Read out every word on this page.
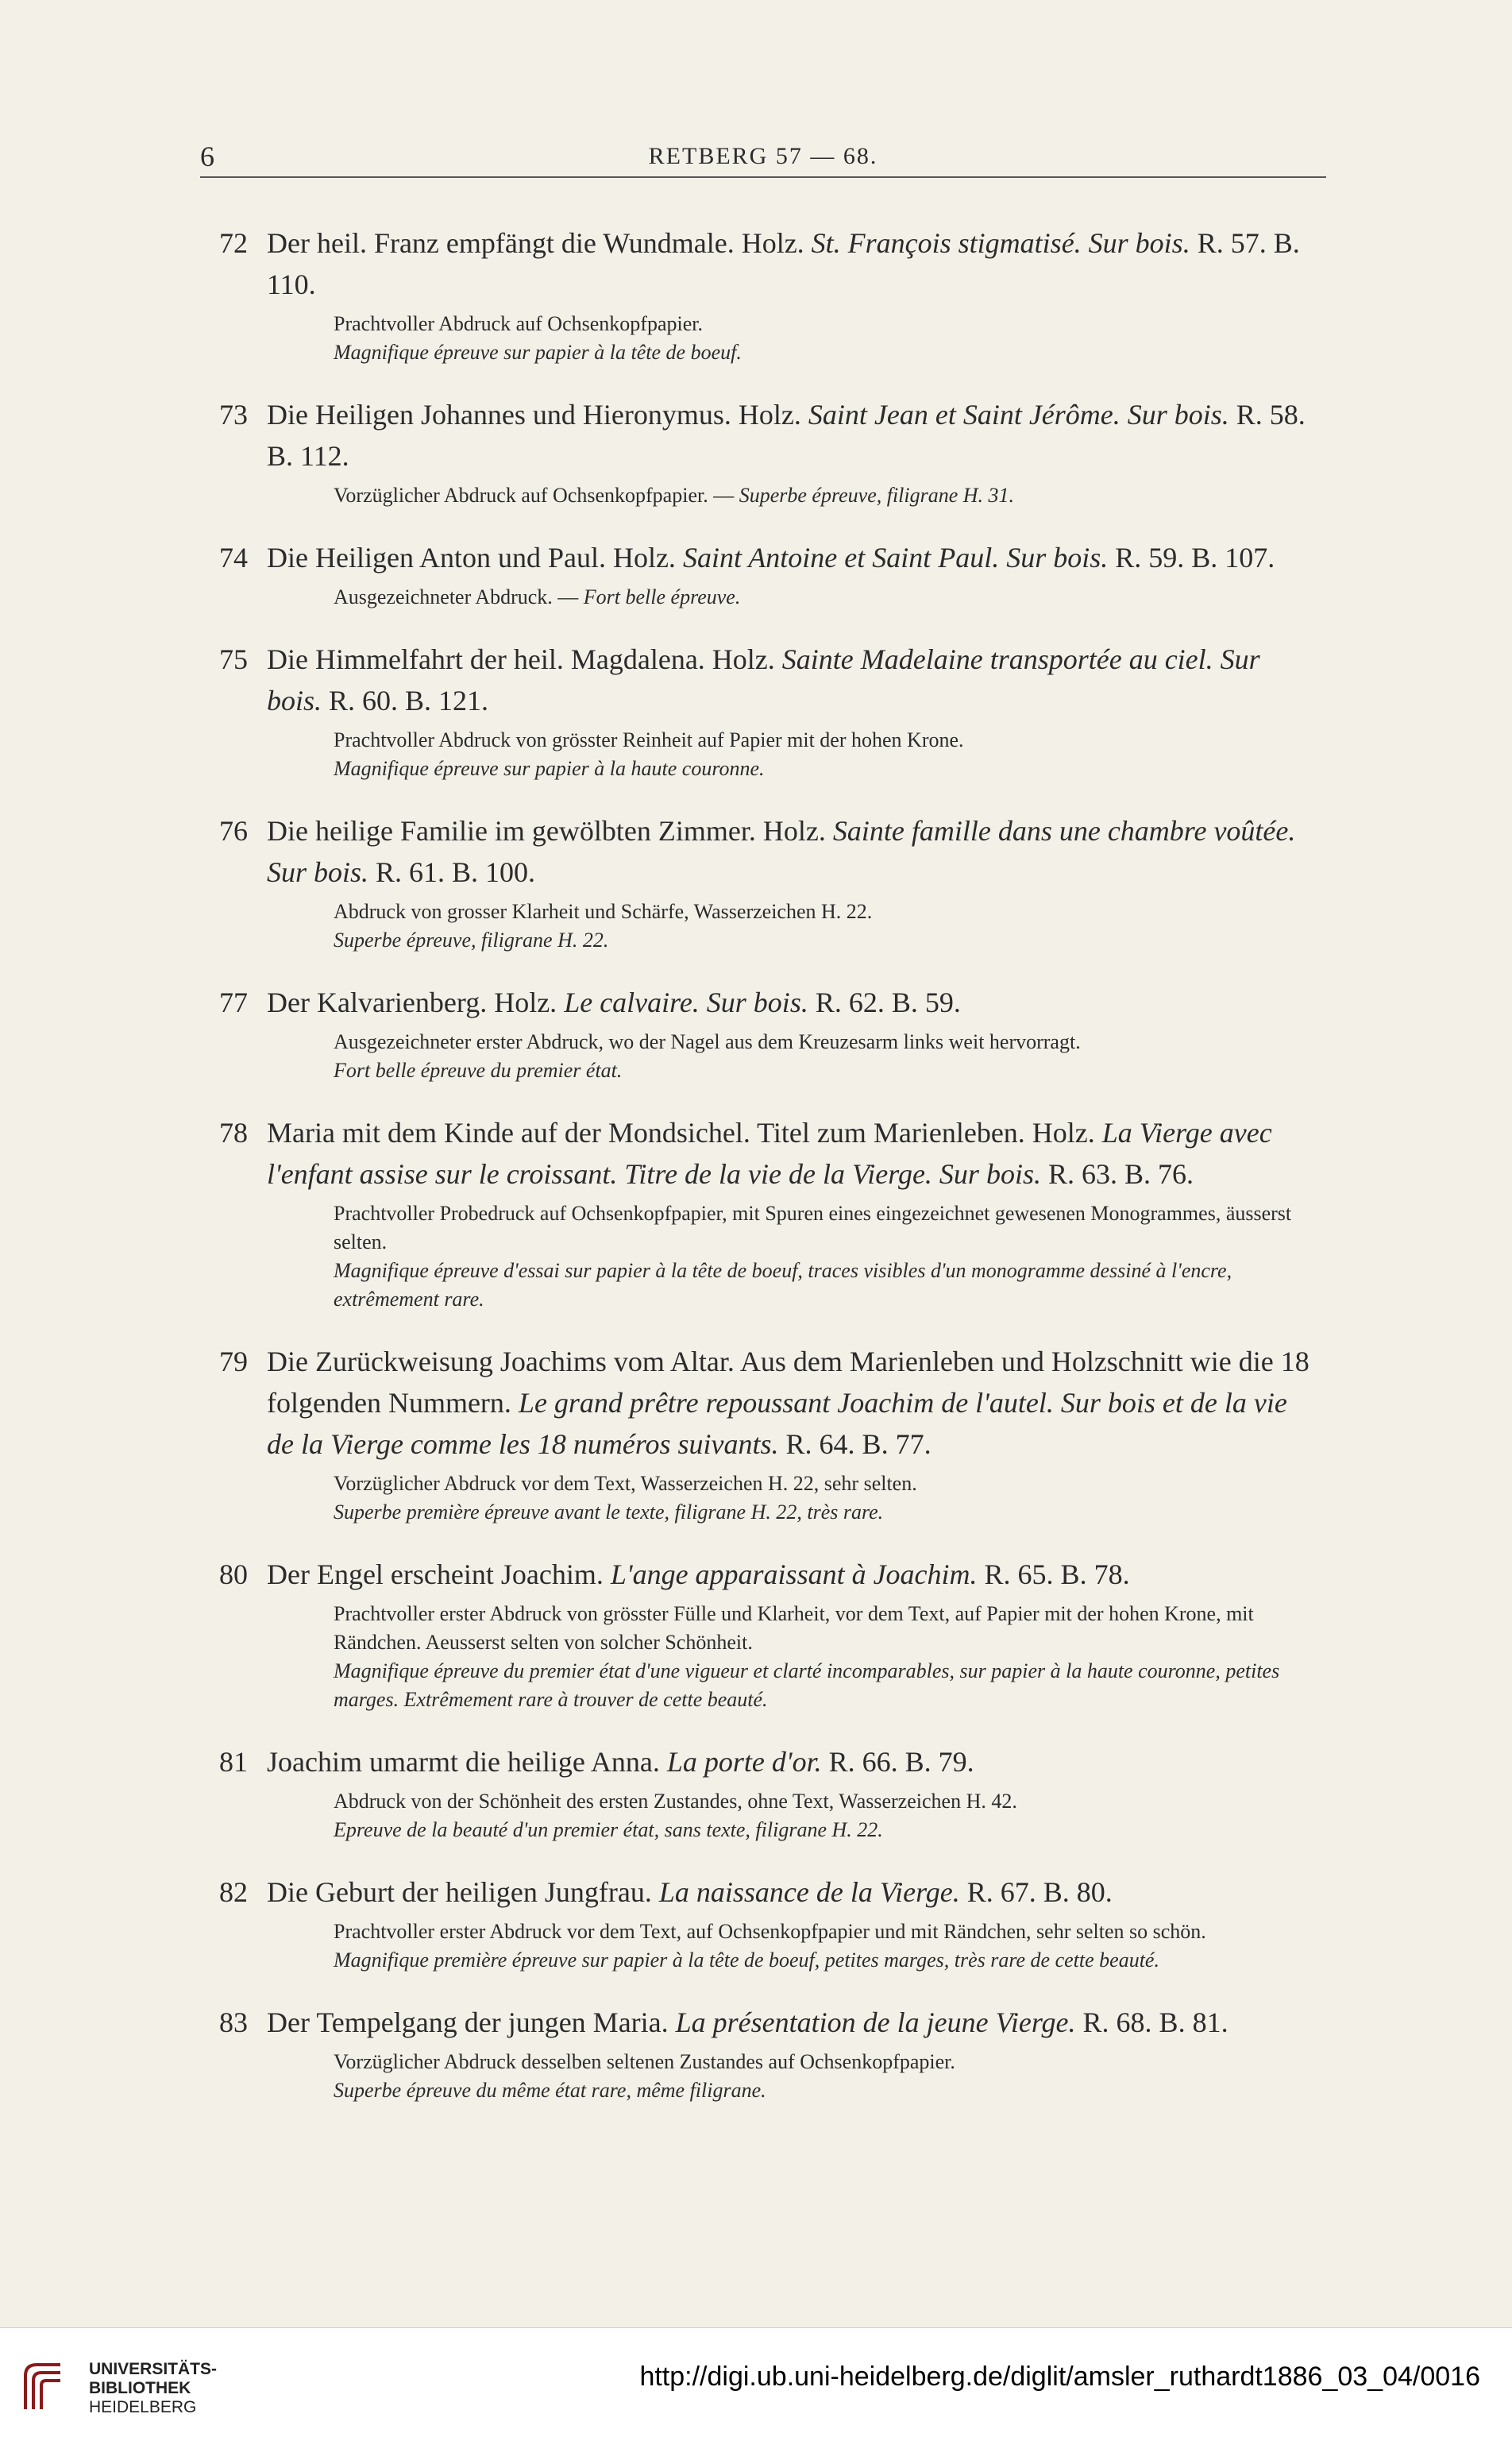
6	RETBERG 57 — 68.
72 Der heil. Franz empfängt die Wundmale. Holz. St. François stigmatisé. Sur bois. R. 57. B. 110.
Prachtvoller Abdruck auf Ochsenkopfpapier.
Magnifique épreuve sur papier à la tête de boeuf.
73 Die Heiligen Johannes und Hieronymus. Holz. Saint Jean et Saint Jérôme. Sur bois. R. 58. B. 112.
Vorzüglicher Abdruck auf Ochsenkopfpapier. — Superbe épreuve, filigrane H. 31.
74 Die Heiligen Anton und Paul. Holz. Saint Antoine et Saint Paul. Sur bois. R. 59. B. 107.
Ausgezeichneter Abdruck. — Fort belle épreuve.
75 Die Himmelfahrt der heil. Magdalena. Holz. Sainte Madelaine transportée au ciel. Sur bois. R. 60. B. 121.
Prachtvoller Abdruck von grösster Reinheit auf Papier mit der hohen Krone.
Magnifique épreuve sur papier à la haute couronne.
76 Die heilige Familie im gewölbten Zimmer. Holz. Sainte famille dans une chambre voûtée. Sur bois. R. 61. B. 100.
Abdruck von grosser Klarheit und Schärfe, Wasserzeichen H. 22.
Superbe épreuve, filigrane H. 22.
77 Der Kalvarienberg. Holz. Le calvaire. Sur bois. R. 62. B. 59.
Ausgezeichneter erster Abdruck, wo der Nagel aus dem Kreuzesarm links weit hervorragt.
Fort belle épreuve du premier état.
78 Maria mit dem Kinde auf der Mondsichel. Titel zum Marienleben. Holz. La Vierge avec l'enfant assise sur le croissant. Titre de la vie de la Vierge. Sur bois. R. 63. B. 76.
Prachtvoller Probedruck auf Ochsenkopfpapier, mit Spuren eines eingezeichnet gewesenen Monogrammes, äusserst selten.
Magnifique épreuve d'essai sur papier à la tête de boeuf, traces visibles d'un monogramme dessiné à l'encre, extrêmement rare.
79 Die Zurückweisung Joachims vom Altar. Aus dem Marienleben und Holzschnitt wie die 18 folgenden Nummern. Le grand prêtre repoussant Joachim de l'autel. Sur bois et de la vie de la Vierge comme les 18 numéros suivants. R. 64. B. 77.
Vorzüglicher Abdruck vor dem Text, Wasserzeichen H. 22, sehr selten.
Superbe première épreuve avant le texte, filigrane H. 22, très rare.
80 Der Engel erscheint Joachim. L'ange apparaissant à Joachim. R. 65. B. 78.
Prachtvoller erster Abdruck von grösster Fülle und Klarheit, vor dem Text, auf Papier mit der hohen Krone, mit Rändchen. Aeusserst selten von solcher Schönheit.
Magnifique épreuve du premier état d'une vigueur et clarté incomparables, sur papier à la haute couronne, petites marges. Extrêmement rare à trouver de cette beauté.
81 Joachim umarmt die heilige Anna. La porte d'or. R. 66. B. 79.
Abdruck von der Schönheit des ersten Zustandes, ohne Text, Wasserzeichen H. 42.
Epreuve de la beauté d'un premier état, sans texte, filigrane H. 22.
82 Die Geburt der heiligen Jungfrau. La naissance de la Vierge. R. 67. B. 80.
Prachtvoller erster Abdruck vor dem Text, auf Ochsenkopfpapier und mit Rändchen, sehr selten so schön.
Magnifique première épreuve sur papier à la tête de boeuf, petites marges, très rare de cette beauté.
83 Der Tempelgang der jungen Maria. La présentation de la jeune Vierge. R. 68. B. 81.
Vorzüglicher Abdruck desselben seltenen Zustandes auf Ochsenkopfpapier.
Superbe épreuve du même état rare, même filigrane.
UNIVERSITÄTS-
BIBLIOTHEK
HEIDELBERG
http://digi.ub.uni-heidelberg.de/diglit/amsler_ruthardt1886_03_04/0016
